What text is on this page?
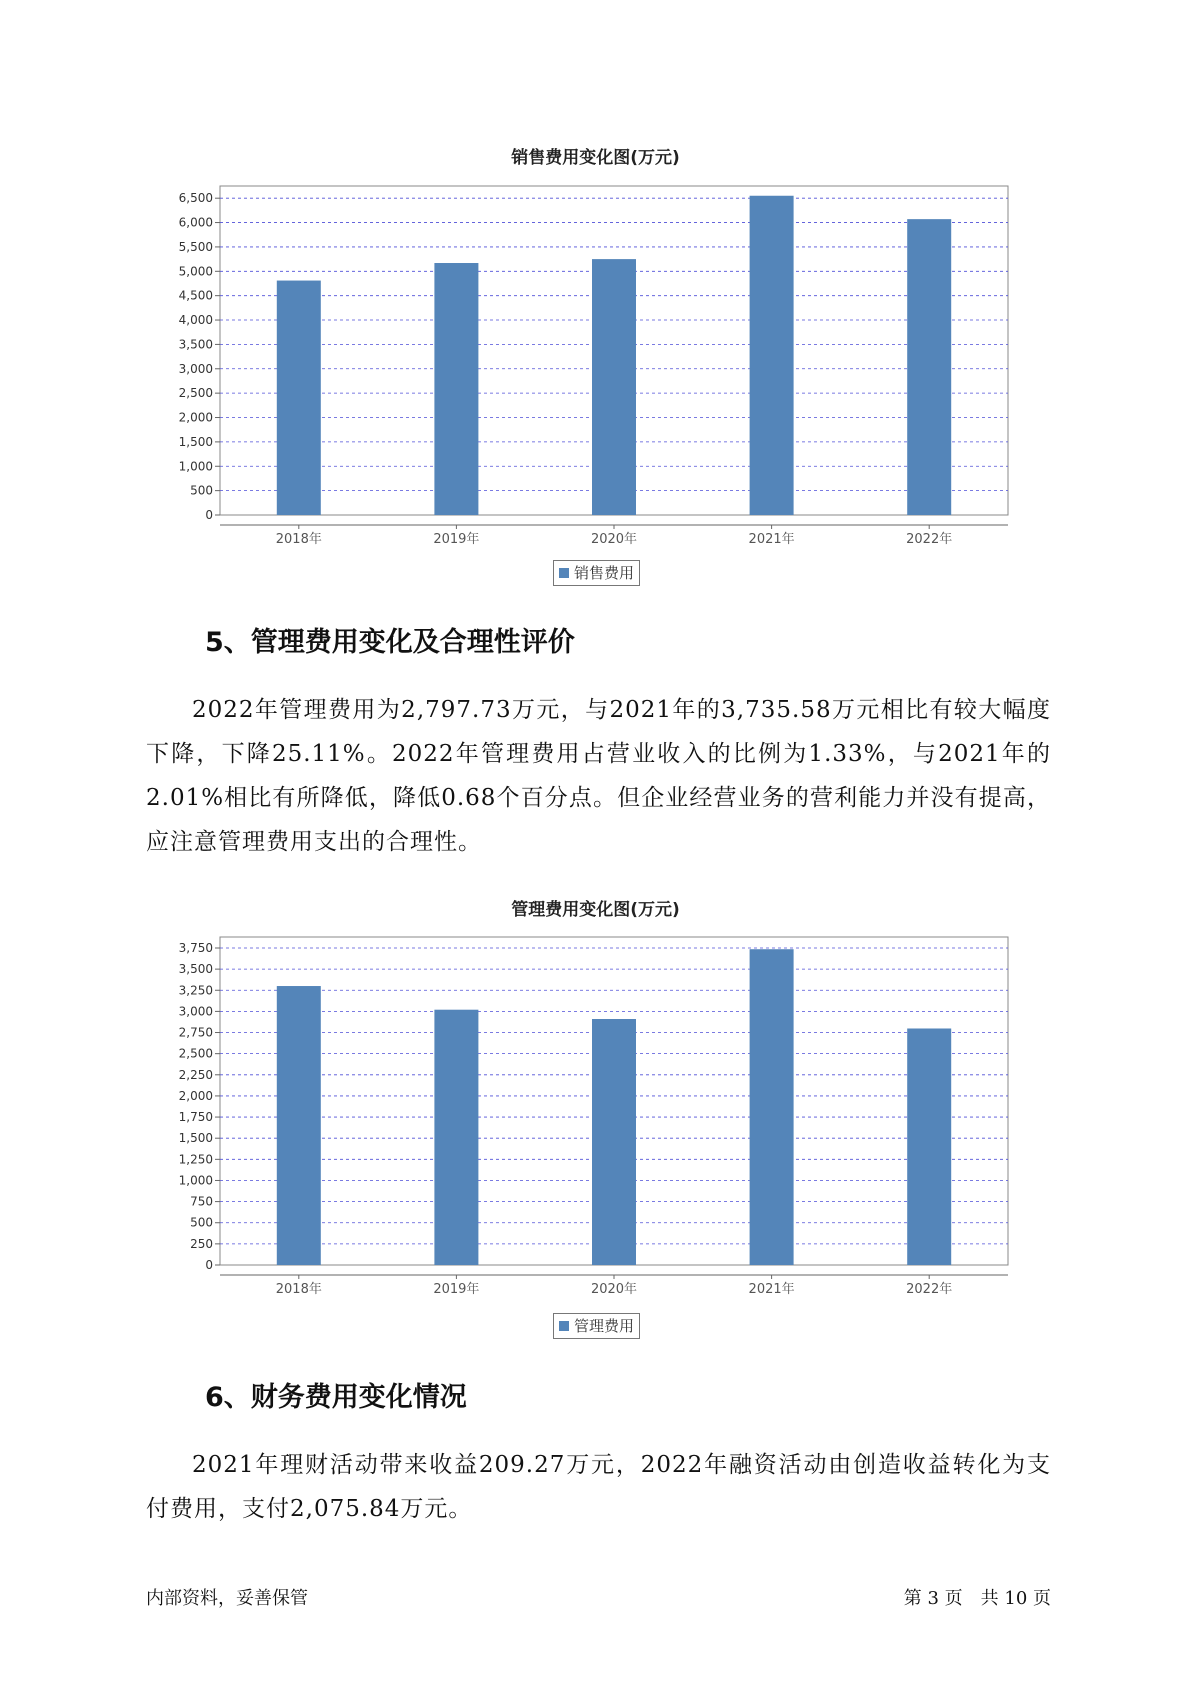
销售费用变化图(万元)
0
500
1,000
1,500
2,000
2,500
3,000
3,500
4,000
4,500
5,000
5,500
6,000
6,500
2018年	2019年	2020年	2021年	2022年
销售费用
5、管理费用变化及合理性评价

2022年管理费用为2,797.73万元，与2021年的3,735.58万元相比有较大幅度下降，下降25.11%。2022年管理费用占营业收入的比例为1.33%，与2021年的2.01%相比有所降低，降低0.68个百分点。但企业经营业务的营利能力并没有提高，应注意管理费用支出的合理性。

管理费用变化图(万元)
0
250
500
750
1,000
1,250
1,500
1,750
2,000
2,250
2,500
2,750
3,000
3,250
3,500
3,750
2018年	2019年	2020年	2021年	2022年
管理费用
6、财务费用变化情况

2021年理财活动带来收益209.27万元，2022年融资活动由创造收益转化为支付费用，支付2,075.84万元。

内部资料，妥善保管	第 3 页　共 10 页
